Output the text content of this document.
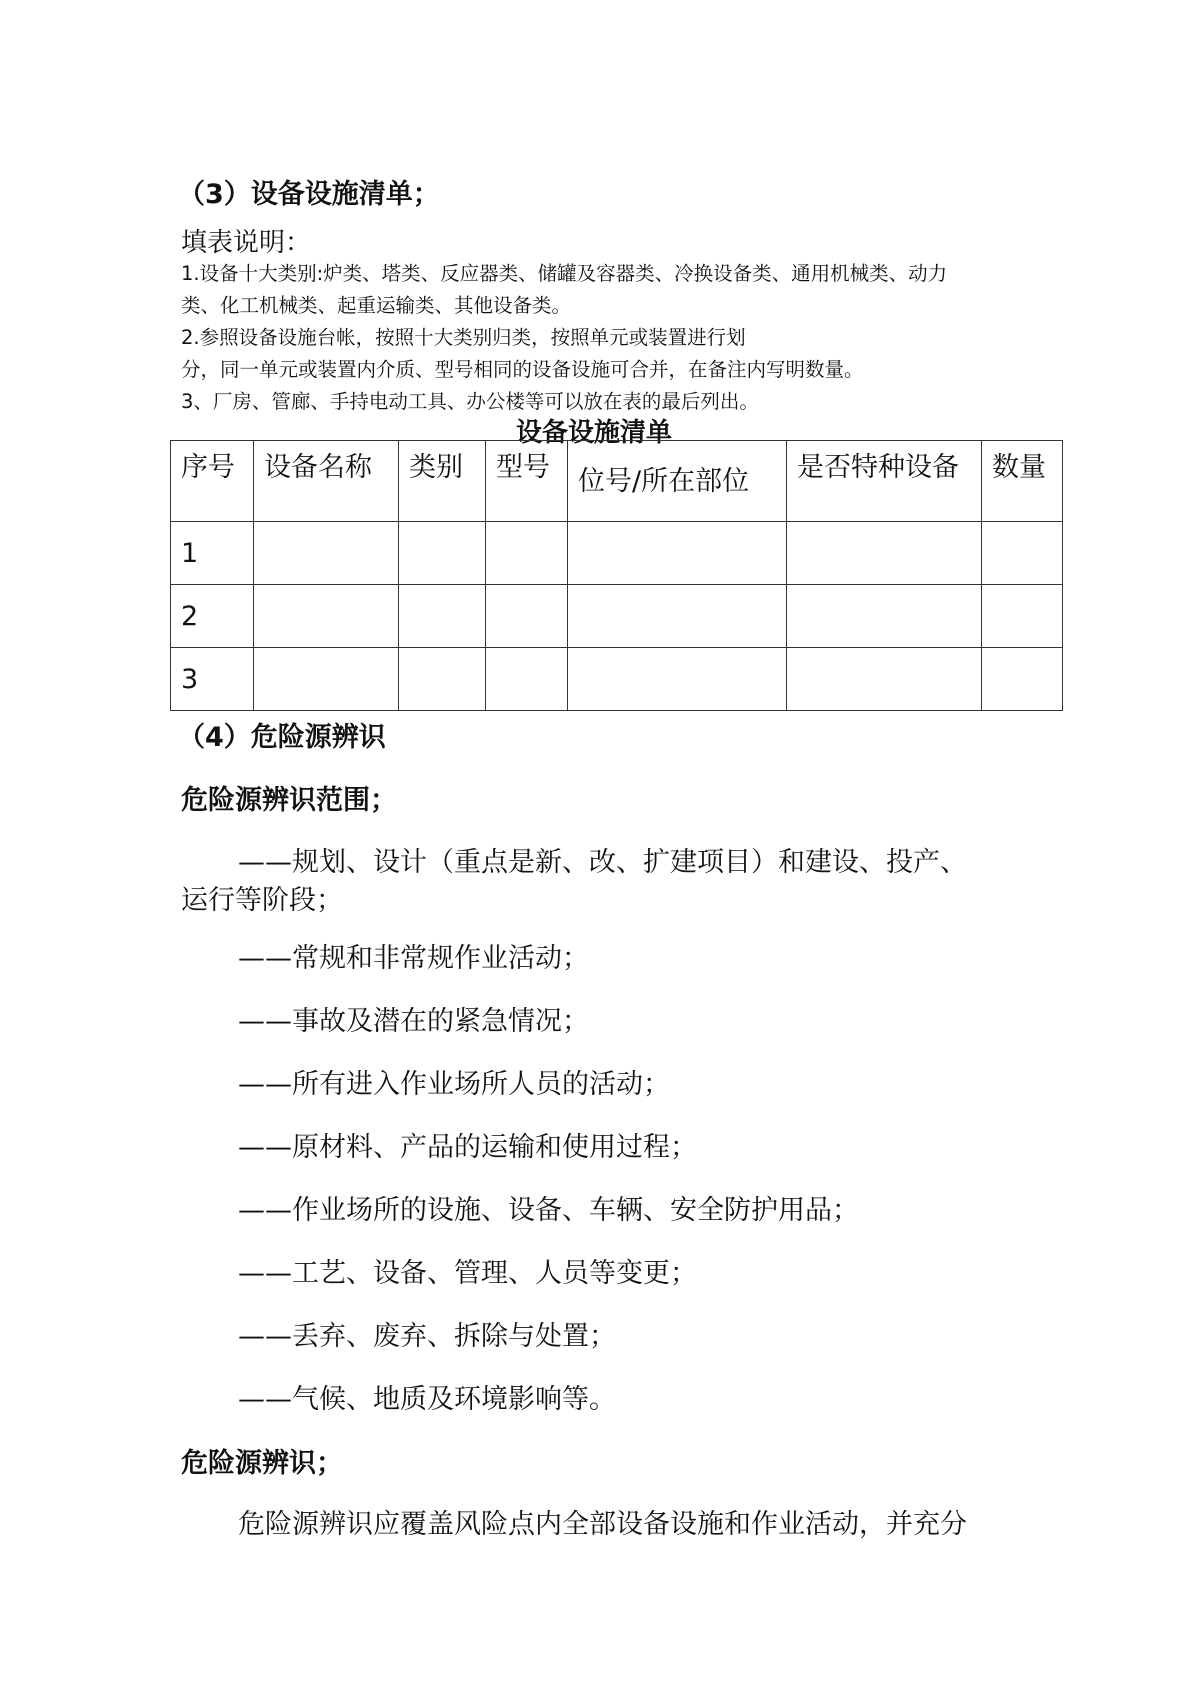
（3）设备设施清单；
填表说明：
1.设备十大类别:炉类、塔类、反应器类、储罐及容器类、冷换设备类、通用机械类、动力
类、化工机械类、起重运输类、其他设备类。
2.参照设备设施台帐，按照十大类别归类，按照单元或装置进行划
分，同一单元或装置内介质、型号相同的设备设施可合并，在备注内写明数量。
3、厂房、管廊、手持电动工具、办公楼等可以放在表的最后列出。
设备设施清单
序号	设备名称	类别	型号	位号/所在部位	是否特种设备	数量
1						
2						
3						
（4）危险源辨识
危险源辨识范围；
——规划、设计（重点是新、改、扩建项目）和建设、投产、
运行等阶段；
——常规和非常规作业活动；
——事故及潜在的紧急情况；
——所有进入作业场所人员的活动；
——原材料、产品的运输和使用过程；
——作业场所的设施、设备、车辆、安全防护用品；
——工艺、设备、管理、人员等变更；
——丢弃、废弃、拆除与处置；
——气候、地质及环境影响等。
危险源辨识；
危险源辨识应覆盖风险点内全部设备设施和作业活动，并充分
